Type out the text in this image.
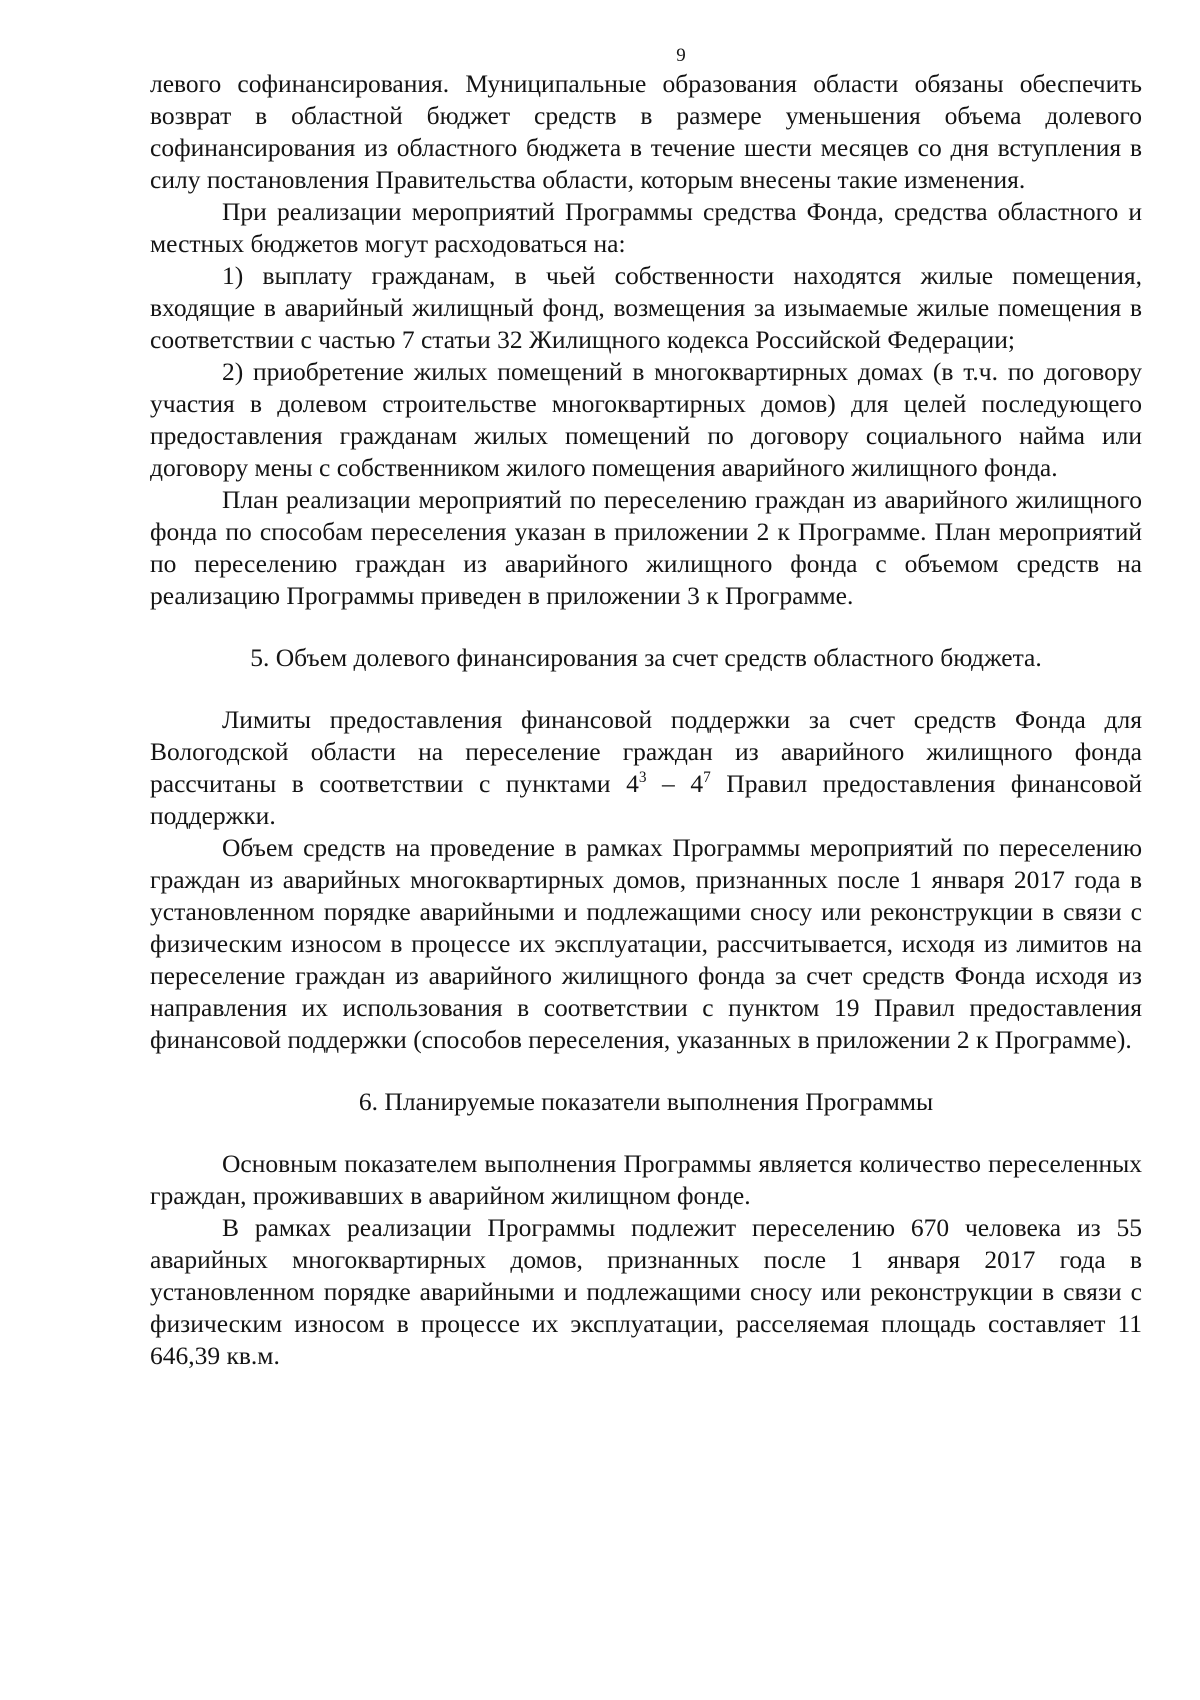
9

левого софинансирования. Муниципальные образования области обязаны обеспечить возврат в областной бюджет средств в размере уменьшения объема долевого софинансирования из областного бюджета в течение шести месяцев со дня вступления в силу постановления Правительства области, которым внесены такие изменения.

При реализации мероприятий Программы средства Фонда, средства областного и местных бюджетов могут расходоваться на:

1) выплату гражданам, в чьей собственности находятся жилые помещения, входящие в аварийный жилищный фонд, возмещения за изымаемые жилые помещения в соответствии с частью 7 статьи 32 Жилищного кодекса Российской Федерации;

2) приобретение жилых помещений в многоквартирных домах (в т.ч. по договору участия в долевом строительстве многоквартирных домов) для целей последующего предоставления гражданам жилых помещений по договору социального найма или договору мены с собственником жилого помещения аварийного жилищного фонда.

План реализации мероприятий по переселению граждан из аварийного жилищного фонда по способам переселения указан в приложении 2 к Программе. План мероприятий по переселению граждан из аварийного жилищного фонда с объемом средств на реализацию Программы приведен в приложении 3 к Программе.

5. Объем долевого финансирования за счет средств областного бюджета.

Лимиты предоставления финансовой поддержки за счет средств Фонда для Вологодской области на переселение граждан из аварийного жилищного фонда рассчитаны в соответствии с пунктами $4^3 - 4^7$ Правил предоставления финансовой поддержки.

Объем средств на проведение в рамках Программы мероприятий по переселению граждан из аварийных многоквартирных домов, признанных после 1 января 2017 года в установленном порядке аварийными и подлежащими сносу или реконструкции в связи с физическим износом в процессе их эксплуатации, рассчитывается, исходя из лимитов на переселение граждан из аварийного жилищного фонда за счет средств Фонда исходя из направления их использования в соответствии с пунктом 19 Правил предоставления финансовой поддержки (способов переселения, указанных в приложении 2 к Программе).

6. Планируемые показатели выполнения Программы

Основным показателем выполнения Программы является количество переселенных граждан, проживавших в аварийном жилищном фонде.

В рамках реализации Программы подлежит переселению 670 человека из 55 аварийных многоквартирных домов, признанных после 1 января 2017 года в установленном порядке аварийными и подлежащими сносу или реконструкции в связи с физическим износом в процессе их эксплуатации, расселяемая площадь составляет 11 646,39 кв.м.
